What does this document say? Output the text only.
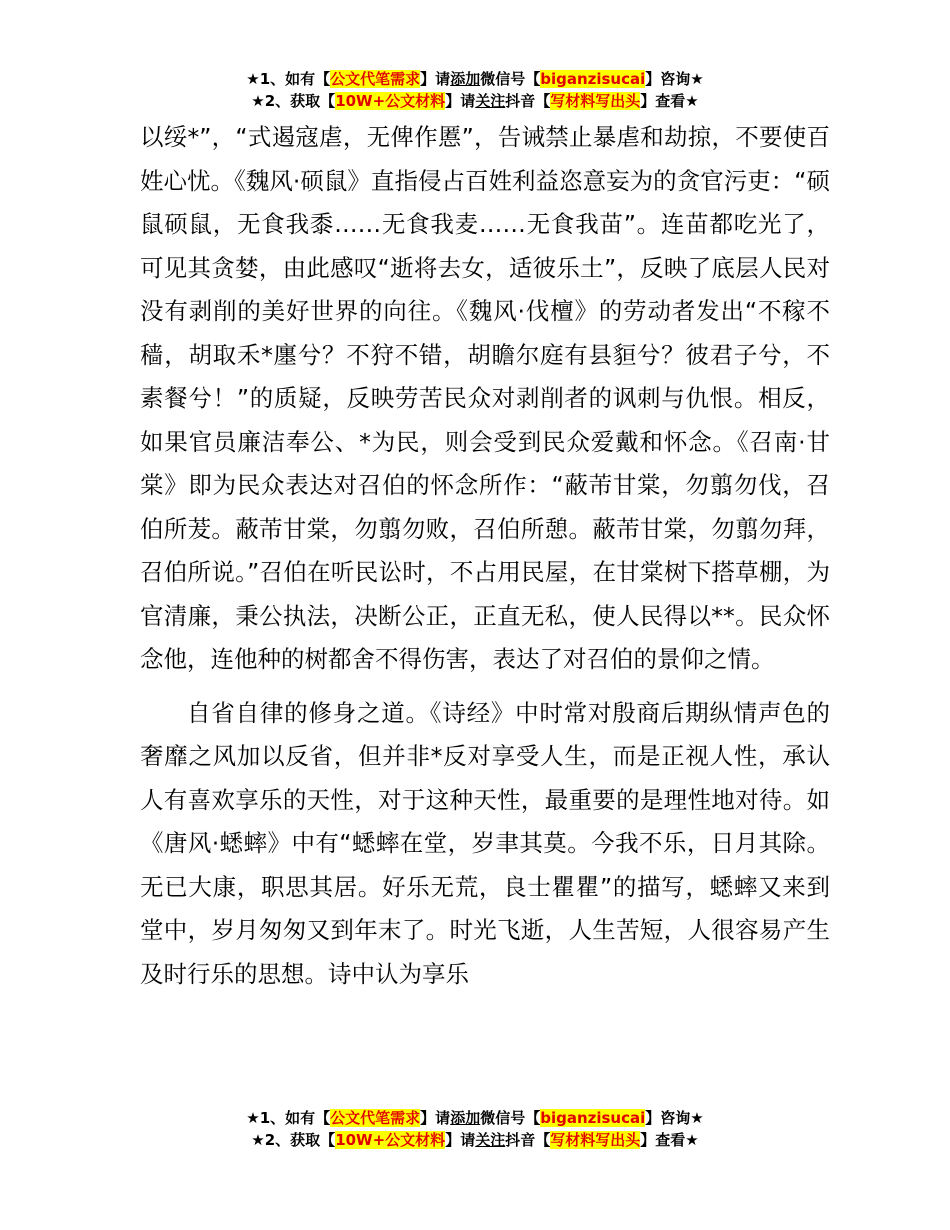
★1、如有【公文代笔需求】请添加微信号【biganzisucai】咨询★
★2、获取【10W+公文材料】请关注抖音【写材料写出头】查看★

以绥*”，“式遏寇虐，无俾作慝”，告诫禁止暴虐和劫掠，不要使百姓心忧。《魏风·硕鼠》直指侵占百姓利益恣意妄为的贪官污吏：“硕鼠硕鼠，无食我黍……无食我麦……无食我苗”。连苗都吃光了，可见其贪婪，由此感叹“逝将去女，适彼乐土”，反映了底层人民对没有剥削的美好世界的向往。《魏风·伐檀》的劳动者发出“不稼不穑，胡取禾*廛兮？不狩不错，胡瞻尔庭有县貆兮？彼君子兮，不素餐兮！”的质疑，反映劳苦民众对剥削者的讽刺与仇恨。相反，如果官员廉洁奉公、*为民，则会受到民众爱戴和怀念。《召南·甘棠》即为民众表达对召伯的怀念所作：“蔽芾甘棠，勿翦勿伐，召伯所茇。蔽芾甘棠，勿翦勿败，召伯所憩。蔽芾甘棠，勿翦勿拜，召伯所说。”召伯在听民讼时，不占用民屋，在甘棠树下搭草棚，为官清廉，秉公执法，决断公正，正直无私，使人民得以**。民众怀念他，连他种的树都舍不得伤害，表达了对召伯的景仰之情。

自省自律的修身之道。《诗经》中时常对殷商后期纵情声色的奢靡之风加以反省，但并非*反对享受人生，而是正视人性，承认人有喜欢享乐的天性，对于这种天性，最重要的是理性地对待。如《唐风·蟋蟀》中有“蟋蟀在堂，岁聿其莫。今我不乐，日月其除。无已大康，职思其居。好乐无荒，良士瞿瞿”的描写，蟋蟀又来到堂中，岁月匆匆又到年末了。时光飞逝，人生苦短，人很容易产生及时行乐的思想。诗中认为享乐

★1、如有【公文代笔需求】请添加微信号【biganzisucai】咨询★
★2、获取【10W+公文材料】请关注抖音【写材料写出头】查看★
